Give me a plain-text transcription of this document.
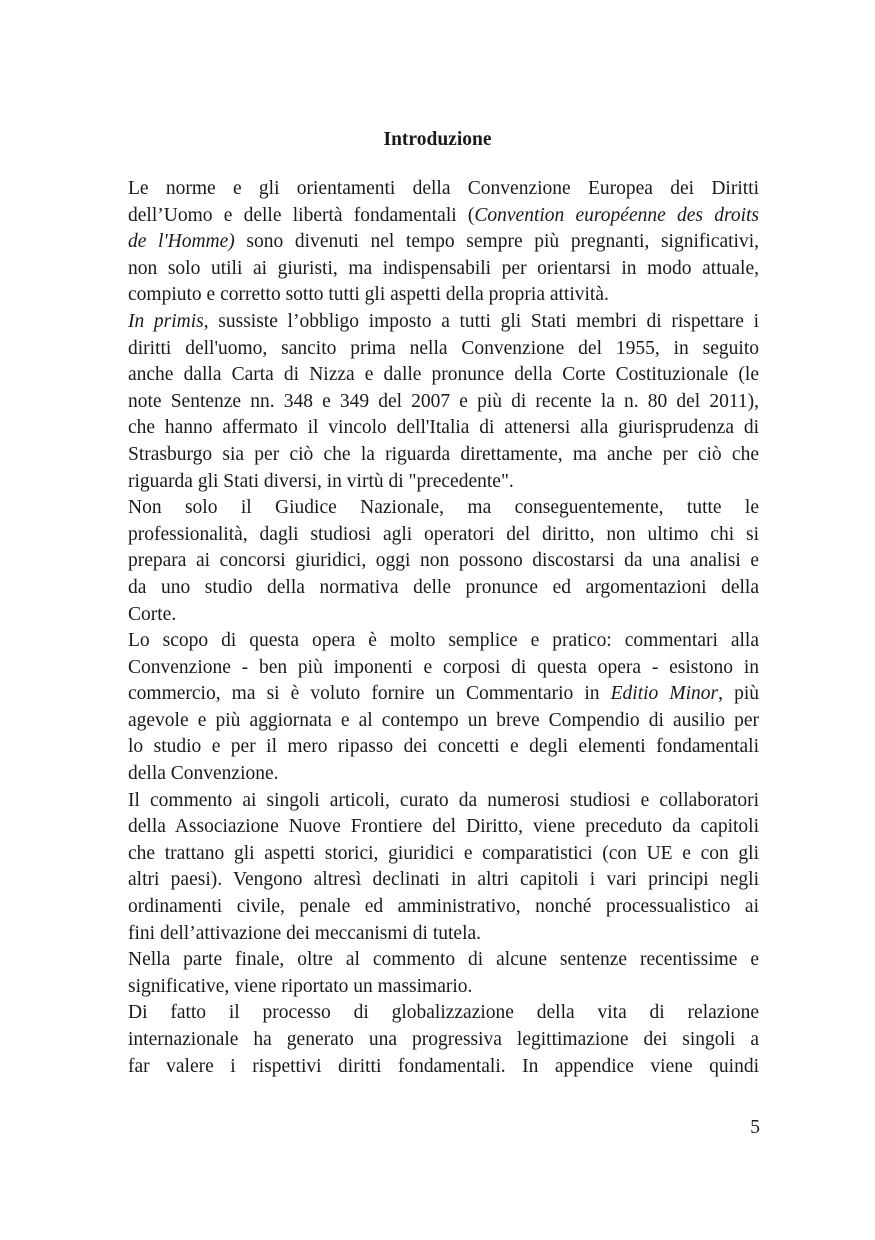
Introduzione
Le norme e gli orientamenti della Convenzione Europea dei Diritti
dell’Uomo e delle libertà fondamentali (Convention européenne des droits
de l'Homme) sono divenuti nel tempo sempre più pregnanti, significativi,
non solo utili ai giuristi, ma indispensabili per orientarsi in modo attuale,
compiuto e corretto sotto tutti gli aspetti della propria attività.
In primis, sussiste l’obbligo imposto a tutti gli Stati membri di rispettare i
diritti dell'uomo, sancito prima nella Convenzione del 1955, in seguito
anche dalla Carta di Nizza e dalle pronunce della Corte Costituzionale (le
note Sentenze nn. 348 e 349 del 2007 e più di recente la n. 80 del 2011),
che hanno affermato il vincolo dell'Italia di attenersi alla giurisprudenza di
Strasburgo sia per ciò che la riguarda direttamente, ma anche per ciò che
riguarda gli Stati diversi, in virtù di "precedente".
Non solo il Giudice Nazionale, ma conseguentemente, tutte le
professionalità, dagli studiosi agli operatori del diritto, non ultimo chi si
prepara ai concorsi giuridici, oggi non possono discostarsi da una analisi e
da uno studio della normativa delle pronunce ed argomentazioni della
Corte.
Lo scopo di questa opera è molto semplice e pratico: commentari alla
Convenzione - ben più imponenti e corposi di questa opera - esistono in
commercio, ma si è voluto fornire un Commentario in Editio Minor, più
agevole e più aggiornata e al contempo un breve Compendio di ausilio per
lo studio e per il mero ripasso dei concetti e degli elementi fondamentali
della Convenzione.
Il commento ai singoli articoli, curato da numerosi studiosi e collaboratori
della Associazione Nuove Frontiere del Diritto, viene preceduto da capitoli
che trattano gli aspetti storici, giuridici e comparatistici (con UE e con gli
altri paesi). Vengono altresì declinati in altri capitoli i vari principi negli
ordinamenti civile, penale ed amministrativo, nonché processualistico ai
fini dell’attivazione dei meccanismi di tutela.
Nella parte finale, oltre al commento di alcune sentenze recentissime e
significative, viene riportato un massimario.
Di fatto il processo di globalizzazione della vita di relazione
internazionale ha generato una progressiva legittimazione dei singoli a
far valere i rispettivi diritti fondamentali. In appendice viene quindi
5
